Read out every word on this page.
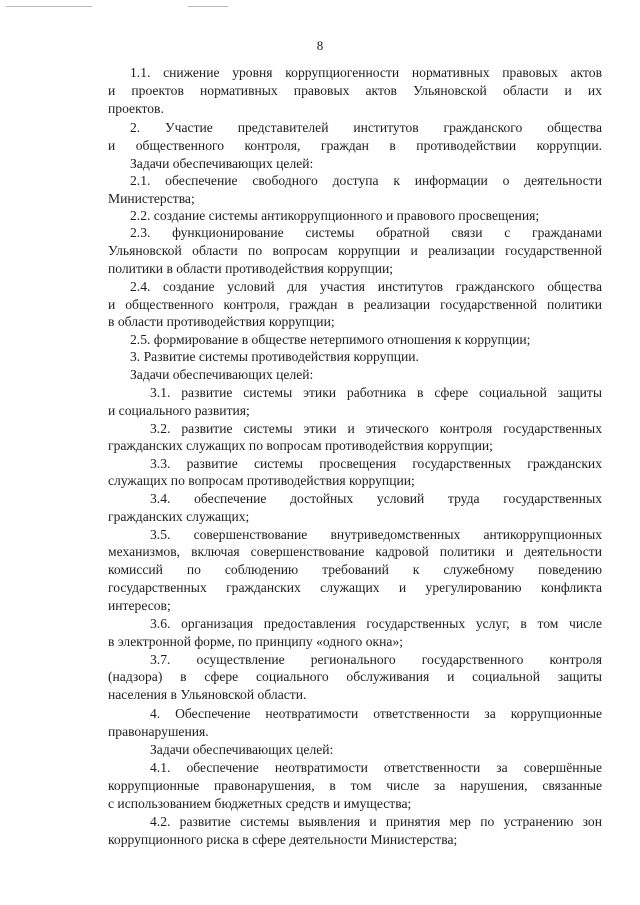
8
1.1. снижение уровня коррупциогенности нормативных правовых актов
и проектов нормативных правовых актов Ульяновской области и их
проектов.
2. Участие представителей институтов гражданского общества
и общественного контроля, граждан в противодействии коррупции.
Задачи обеспечивающих целей:
2.1. обеспечение свободного доступа к информации о деятельности
Министерства;
2.2. создание системы антикоррупционного и правового просвещения;
2.3. функционирование системы обратной связи с гражданами
Ульяновской области по вопросам коррупции и реализации государственной
политики в области противодействия коррупции;
2.4. создание условий для участия институтов гражданского общества
и общественного контроля, граждан в реализации государственной политики
в области противодействия коррупции;
2.5. формирование в обществе нетерпимого отношения к коррупции;
3. Развитие системы противодействия коррупции.
Задачи обеспечивающих целей:
3.1. развитие системы этики работника в сфере социальной защиты
и социального развития;
3.2. развитие системы этики и этического контроля государственных
гражданских служащих по вопросам противодействия коррупции;
3.3. развитие системы просвещения государственных гражданских
служащих по вопросам противодействия коррупции;
3.4. обеспечение достойных условий труда государственных
гражданских служащих;
3.5. совершенствование внутриведомственных антикоррупционных
механизмов, включая совершенствование кадровой политики и деятельности
комиссий по соблюдению требований к служебному поведению
государственных гражданских служащих и урегулированию конфликта
интересов;
3.6. организация предоставления государственных услуг, в том числе
в электронной форме, по принципу «одного окна»;
3.7. осуществление регионального государственного контроля
(надзора) в сфере социального обслуживания и социальной защиты
населения в Ульяновской области.
4. Обеспечение неотвратимости ответственности за коррупционные
правонарушения.
Задачи обеспечивающих целей:
4.1. обеспечение неотвратимости ответственности за совершённые
коррупционные правонарушения, в том числе за нарушения, связанные
с использованием бюджетных средств и имущества;
4.2. развитие системы выявления и принятия мер по устранению зон
коррупционного риска в сфере деятельности Министерства;
